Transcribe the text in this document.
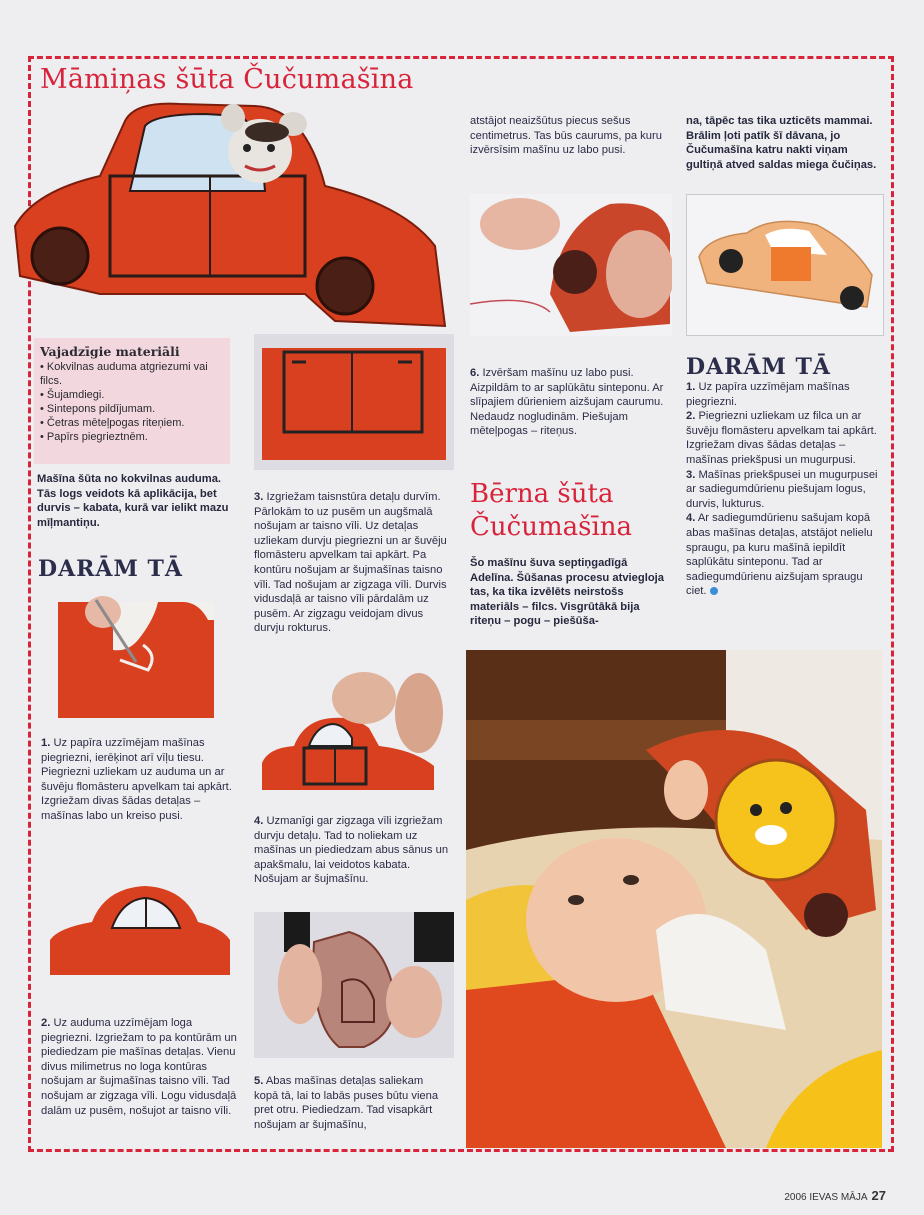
Māmiņas šūta Čučumašīna
Vajadzīgie materiāli
• Kokvilnas auduma atgriezumi vai filcs.
• Šujamdiegi.
• Sintepons pildījumam.
• Četras mēteļpogas riteņiem.
• Papīrs piegrieztnēm.
Mašīna šūta no kokvilnas auduma. Tās logs veidots kā aplikācija, bet durvis – kabata, kurā var ielikt mazu mīļmantiņu.
DARĀM TĀ
1. Uz papīra uzzīmējam mašīnas piegriezni, ierēķinot arī vīļu tiesu. Piegriezni uzliekam uz auduma un ar šuvēju flomāsteru apvelkam tai apkārt. Izgriežam divas šādas detaļas – mašīnas labo un kreiso pusi.
2. Uz auduma uzzīmējam loga piegriezni. Izgriežam to pa kontūrām un piediedzam pie mašīnas detaļas. Vienu divus milimetrus no loga kontūras nošujam ar šujmašīnas taisno vīli. Tad nošujam ar zigzaga vīli. Logu vidusdaļā dalām uz pusēm, nošujot ar taisno vīli.
3. Izgriežam taisnstūra detaļu durvīm. Pārlokām to uz pusēm un augšmalā nošujam ar taisno vīli. Uz detaļas uzliekam durvju piegriezni un ar šuvēju flomāsteru apvelkam tai apkārt. Pa kontūru nošujam ar šujmašīnas taisno vīli. Tad nošujam ar zigzaga vīli. Durvis vidusdaļā ar taisno vīli pārdalām uz pusēm. Ar zigzagu veidojam divus durvju rokturus.
4. Uzmanīgi gar zigzaga vīli izgriežam durvju detaļu. Tad to noliekam uz mašīnas un piediedzam abus sānus un apakšmalu, lai veidotos kabata. Nošujam ar šujmašīnu.
5. Abas mašīnas detaļas saliekam kopā tā, lai to labās puses būtu viena pret otru. Piediedzam. Tad visapkārt nošujam ar šujmašīnu,
atstājot neaizšūtus piecus sešus centimetrus. Tas būs caurums, pa kuru izvērsīsim mašīnu uz labo pusi.
6. Izvēršam mašīnu uz labo pusi. Aizpildām to ar saplūkātu sinteponu. Ar slīpajiem dūrieniem aizšujam caurumu. Nedaudz nogludinām. Piešujam mēteļpogas – riteņus.
Bērna šūta Čučumašīna
Šo mašīnu šuva septiņgadīgā Adelīna. Šūšanas procesu atviegloja tas, ka tika izvēlēts neirstošs materiāls – filcs. Visgrūtākā bija riteņu – pogu – piešūša-
na, tāpēc tas tika uzticēts mammai. Brālim ļoti patīk šī dāvana, jo Čučumašīna katru nakti viņam gultiņā atved saldas miega čučiņas.
DARĀM TĀ
1. Uz papīra uzzīmējam mašīnas piegriezni.
2. Piegriezni uzliekam uz filca un ar šuvēju flomāsteru apvelkam tai apkārt. Izgriežam divas šādas detaļas – mašīnas priekšpusi un mugurpusi.
3. Mašīnas priekšpusei un mugurpusei ar sadiegumdūrienu piešujam logus, durvis, lukturus.
4. Ar sadiegumdūrienu sašujam kopā abas mašīnas detaļas, atstājot nelielu spraugu, pa kuru mašīnā iepildīt saplūkātu sinteponu. Tad ar sadiegumdūrienu aizšujam spraugu ciet.
2006 IEVAS MĀJA 27
